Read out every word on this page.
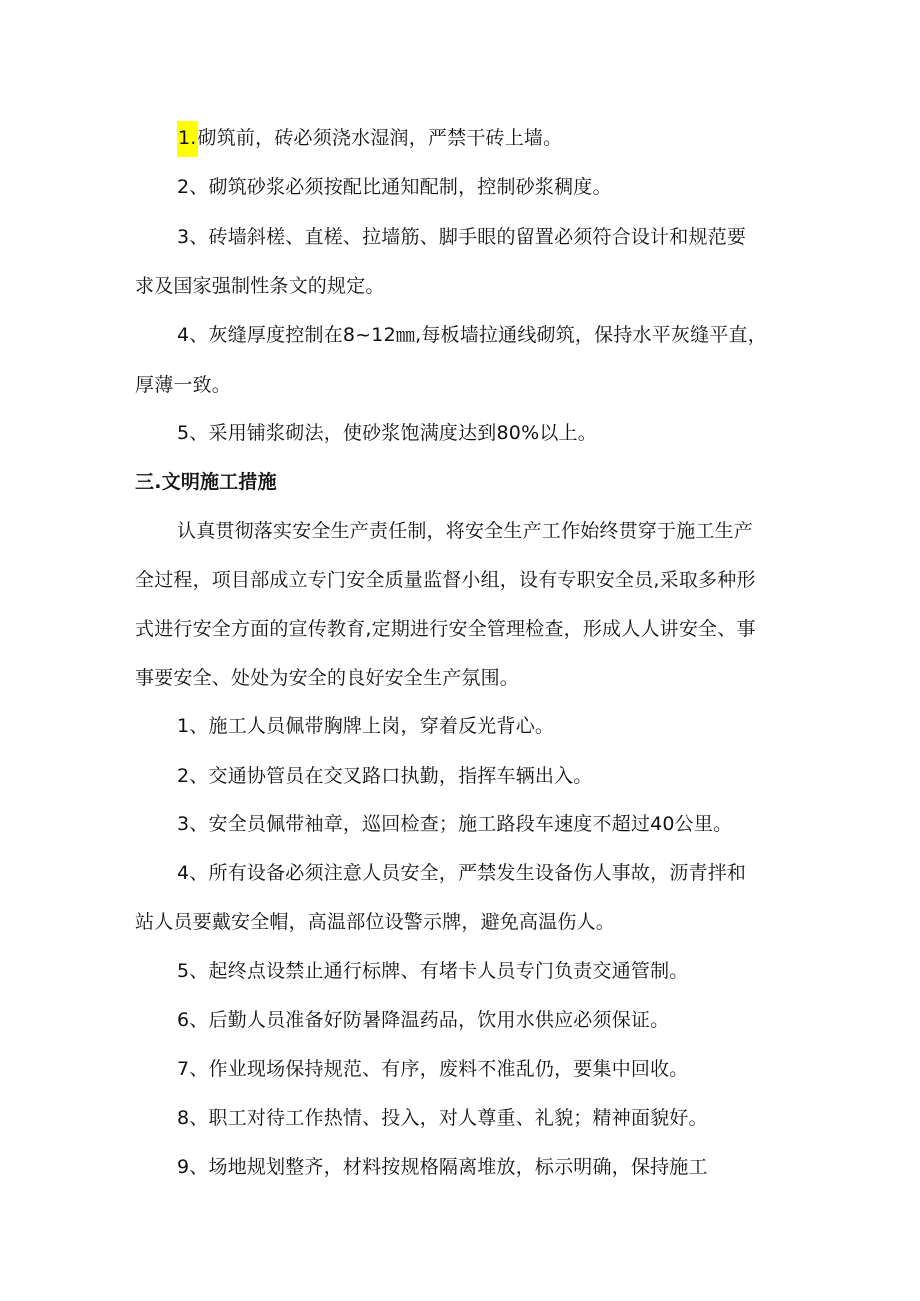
1.砌筑前，砖必须浇水湿润，严禁干砖上墙。
2、砌筑砂浆必须按配比通知配制，控制砂浆稠度。
3、砖墙斜槎、直槎、拉墙筋、脚手眼的留置必须符合设计和规范要
求及国家强制性条文的规定。
4、灰缝厚度控制在8~12㎜,每板墙拉通线砌筑，保持水平灰缝平直，
厚薄一致。
5、采用铺浆砌法，使砂浆饱满度达到80%以上。
三.文明施工措施
认真贯彻落实安全生产责任制，将安全生产工作始终贯穿于施工生产
全过程，项目部成立专门安全质量监督小组，设有专职安全员,采取多种形
式进行安全方面的宣传教育,定期进行安全管理检查，形成人人讲安全、事
事要安全、处处为安全的良好安全生产氛围。
1、施工人员佩带胸牌上岗，穿着反光背心。
2、交通协管员在交叉路口执勤，指挥车辆出入。
3、安全员佩带袖章，巡回检查；施工路段车速度不超过40公里。
4、所有设备必须注意人员安全，严禁发生设备伤人事故，沥青拌和
站人员要戴安全帽，高温部位设警示牌，避免高温伤人。
5、起终点设禁止通行标牌、有堵卡人员专门负责交通管制。
6、后勤人员准备好防暑降温药品，饮用水供应必须保证。
7、作业现场保持规范、有序，废料不准乱仍，要集中回收。
8、职工对待工作热情、投入，对人尊重、礼貌；精神面貌好。
9、场地规划整齐，材料按规格隔离堆放，标示明确，保持施工
